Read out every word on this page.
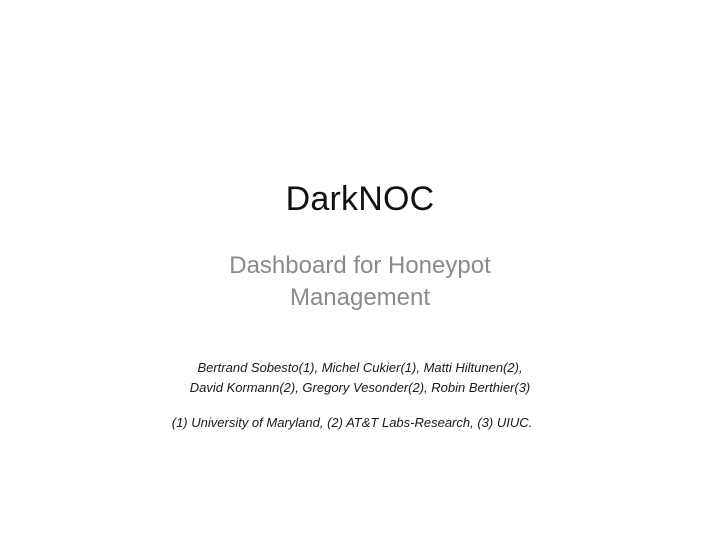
DarkNOC
Dashboard for Honeypot
Management
Bertrand Sobesto(1), Michel Cukier(1), Matti Hiltunen(2),
David Kormann(2), Gregory Vesonder(2), Robin Berthier(3)
(1) University of Maryland, (2) AT&T Labs-Research, (3) UIUC.
